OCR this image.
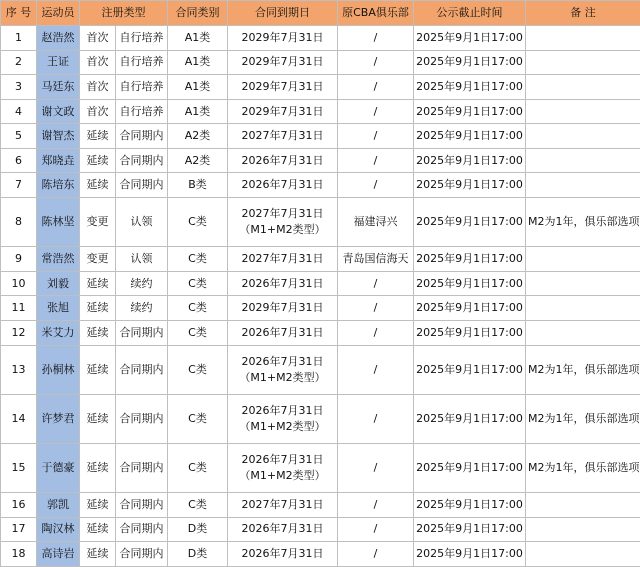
序 号	运动员	注册类型		合同类别	合同到期日	原CBA俱乐部	公示截止时间	备 注
1	赵浩然	首次	自行培养	A1类	2029年7月31日	/	2025年9月1日17:00	
2	王证	首次	自行培养	A1类	2029年7月31日	/	2025年9月1日17:00	
3	马廷东	首次	自行培养	A1类	2029年7月31日	/	2025年9月1日17:00	
4	谢文政	首次	自行培养	A1类	2029年7月31日	/	2025年9月1日17:00	
5	谢智杰	延续	合同期内	A2类	2027年7月31日	/	2025年9月1日17:00	
6	郑晓垚	延续	合同期内	A2类	2026年7月31日	/	2025年9月1日17:00	
7	陈培东	延续	合同期内	B类	2026年7月31日	/	2025年9月1日17:00	
8	陈林坚	变更	认领	C类	2027年7月31日
（M1+M2类型）	福建浔兴	2025年9月1日17:00	M2为1年，俱乐部选项
9	常浩然	变更	认领	C类	2027年7月31日	青岛国信海天	2025年9月1日17:00	
10	刘毅	延续	续约	C类	2026年7月31日	/	2025年9月1日17:00	
11	张旭	延续	续约	C类	2029年7月31日	/	2025年9月1日17:00	
12	米艾力	延续	合同期内	C类	2026年7月31日	/	2025年9月1日17:00	
13	孙桐林	延续	合同期内	C类	2026年7月31日
（M1+M2类型）	/	2025年9月1日17:00	M2为1年，俱乐部选项
14	许梦君	延续	合同期内	C类	2026年7月31日
（M1+M2类型）	/	2025年9月1日17:00	M2为1年，俱乐部选项
15	于德豪	延续	合同期内	C类	2026年7月31日
（M1+M2类型）	/	2025年9月1日17:00	M2为1年，俱乐部选项
16	郭凯	延续	合同期内	C类	2027年7月31日	/	2025年9月1日17:00	
17	陶汉林	延续	合同期内	D类	2026年7月31日	/	2025年9月1日17:00	
18	高诗岩	延续	合同期内	D类	2026年7月31日	/	2025年9月1日17:00	
